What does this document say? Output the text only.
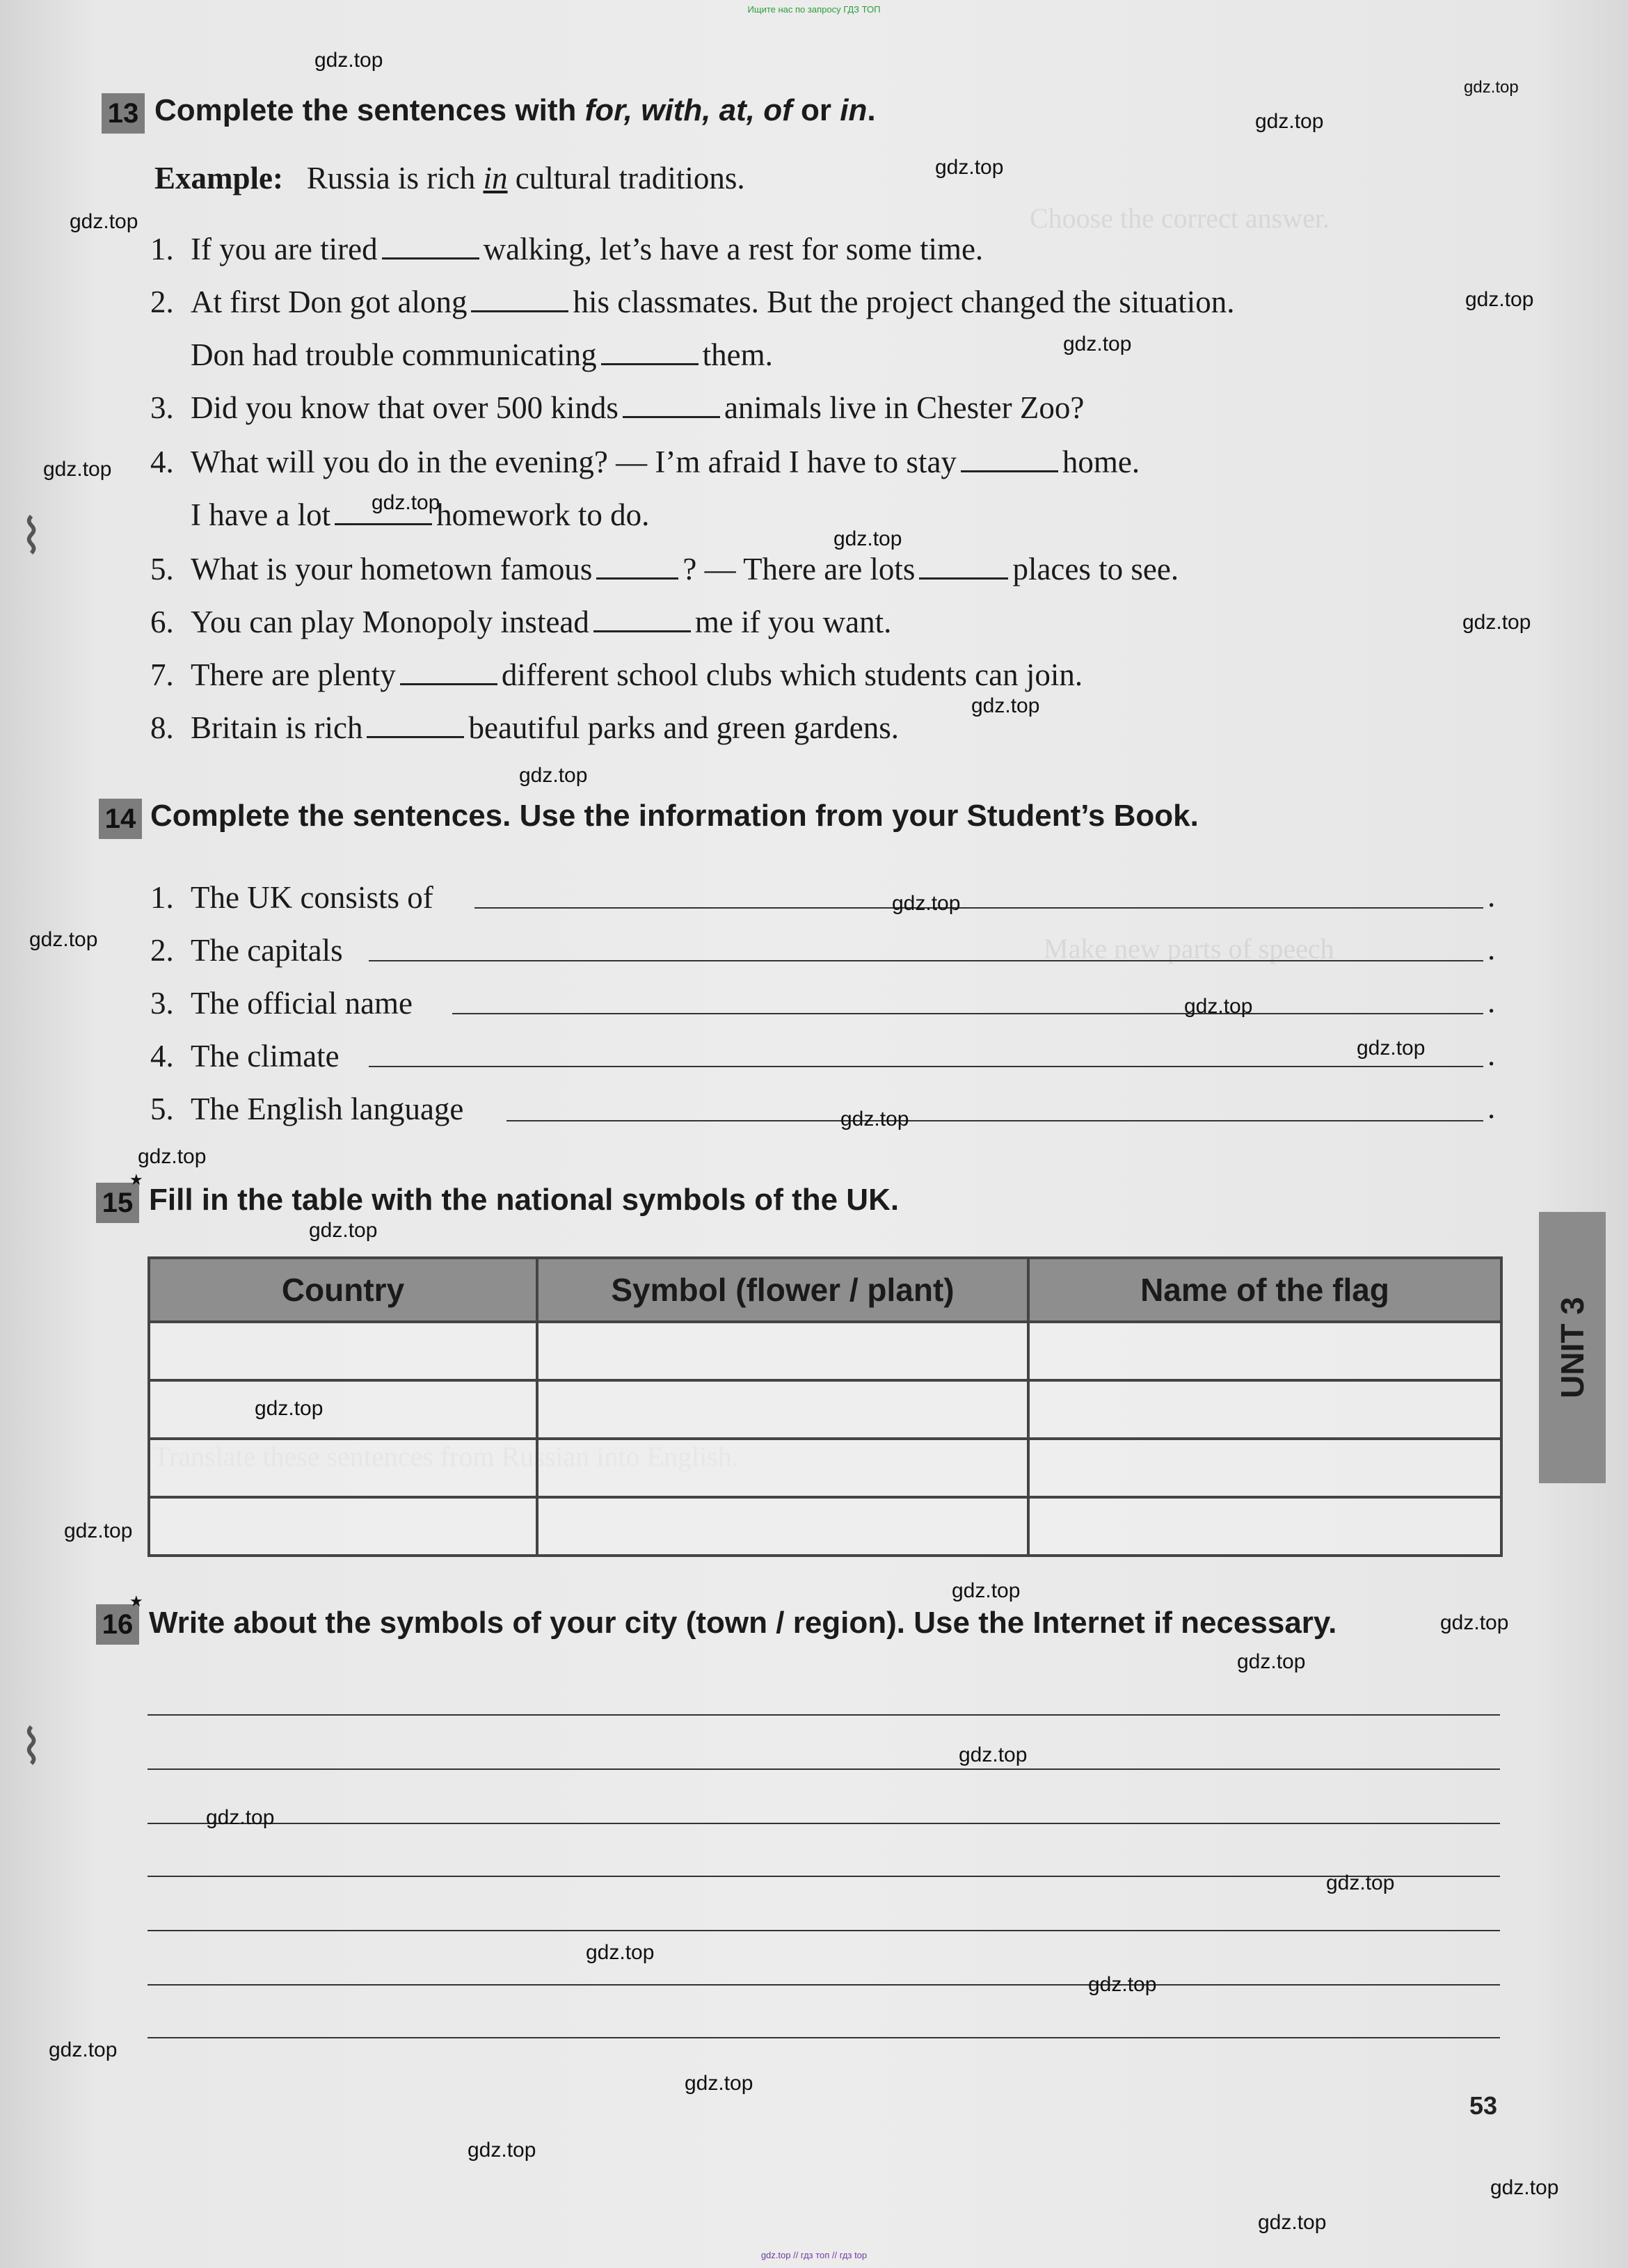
Choose the correct answer.
Make new parts of speech
Ищите нас по запросу ГДЗ ТОП
13 Complete the sentences with for, with, at, of or in.
Example: Russia is rich in cultural traditions.
1. If you are tired	walking, let’s have a rest for some time.
2. At first Don got along	his classmates. But the project changed the situation.
Don had trouble communicating	them.
3. Did you know that over 500 kinds	animals live in Chester Zoo?
4. What will you do in the evening? — I’m afraid I have to stay	home.
I have a lot	homework to do.
5. What is your hometown famous	? — There are lots	places to see.
6. You can play Monopoly instead	me if you want.
7. There are plenty	different school clubs which students can join.
8. Britain is rich	beautiful parks and green gardens.
14 Complete the sentences. Use the information from your Student’s Book.
1. The UK consists of	.
2. The capitals	.
3. The official name	.
4. The climate	.
5. The English language	.
15
★
Fill in the table with the national symbols of the UK.
Country	Symbol (flower / plant)	Name of the flag

16
★
Write about the symbols of your city (town / region). Use the Internet if necessary.
⌇
⌇
UNIT 3
53
gdz.top
gdz.top
gdz.top
gdz.top
gdz.top
gdz.top
gdz.top
gdz.top
gdz.top
gdz.top
gdz.top
gdz.top
gdz.top
gdz.top
gdz.top
gdz.top
gdz.top
gdz.top
gdz.top
gdz.top
gdz.top
gdz.top
gdz.top
gdz.top
gdz.top
gdz.top
gdz.top
gdz.top
gdz.top
gdz.top
gdz.top
gdz.top
gdz.top
gdz.top
gdz.top
gdz.top // гдз топ // гдз top
